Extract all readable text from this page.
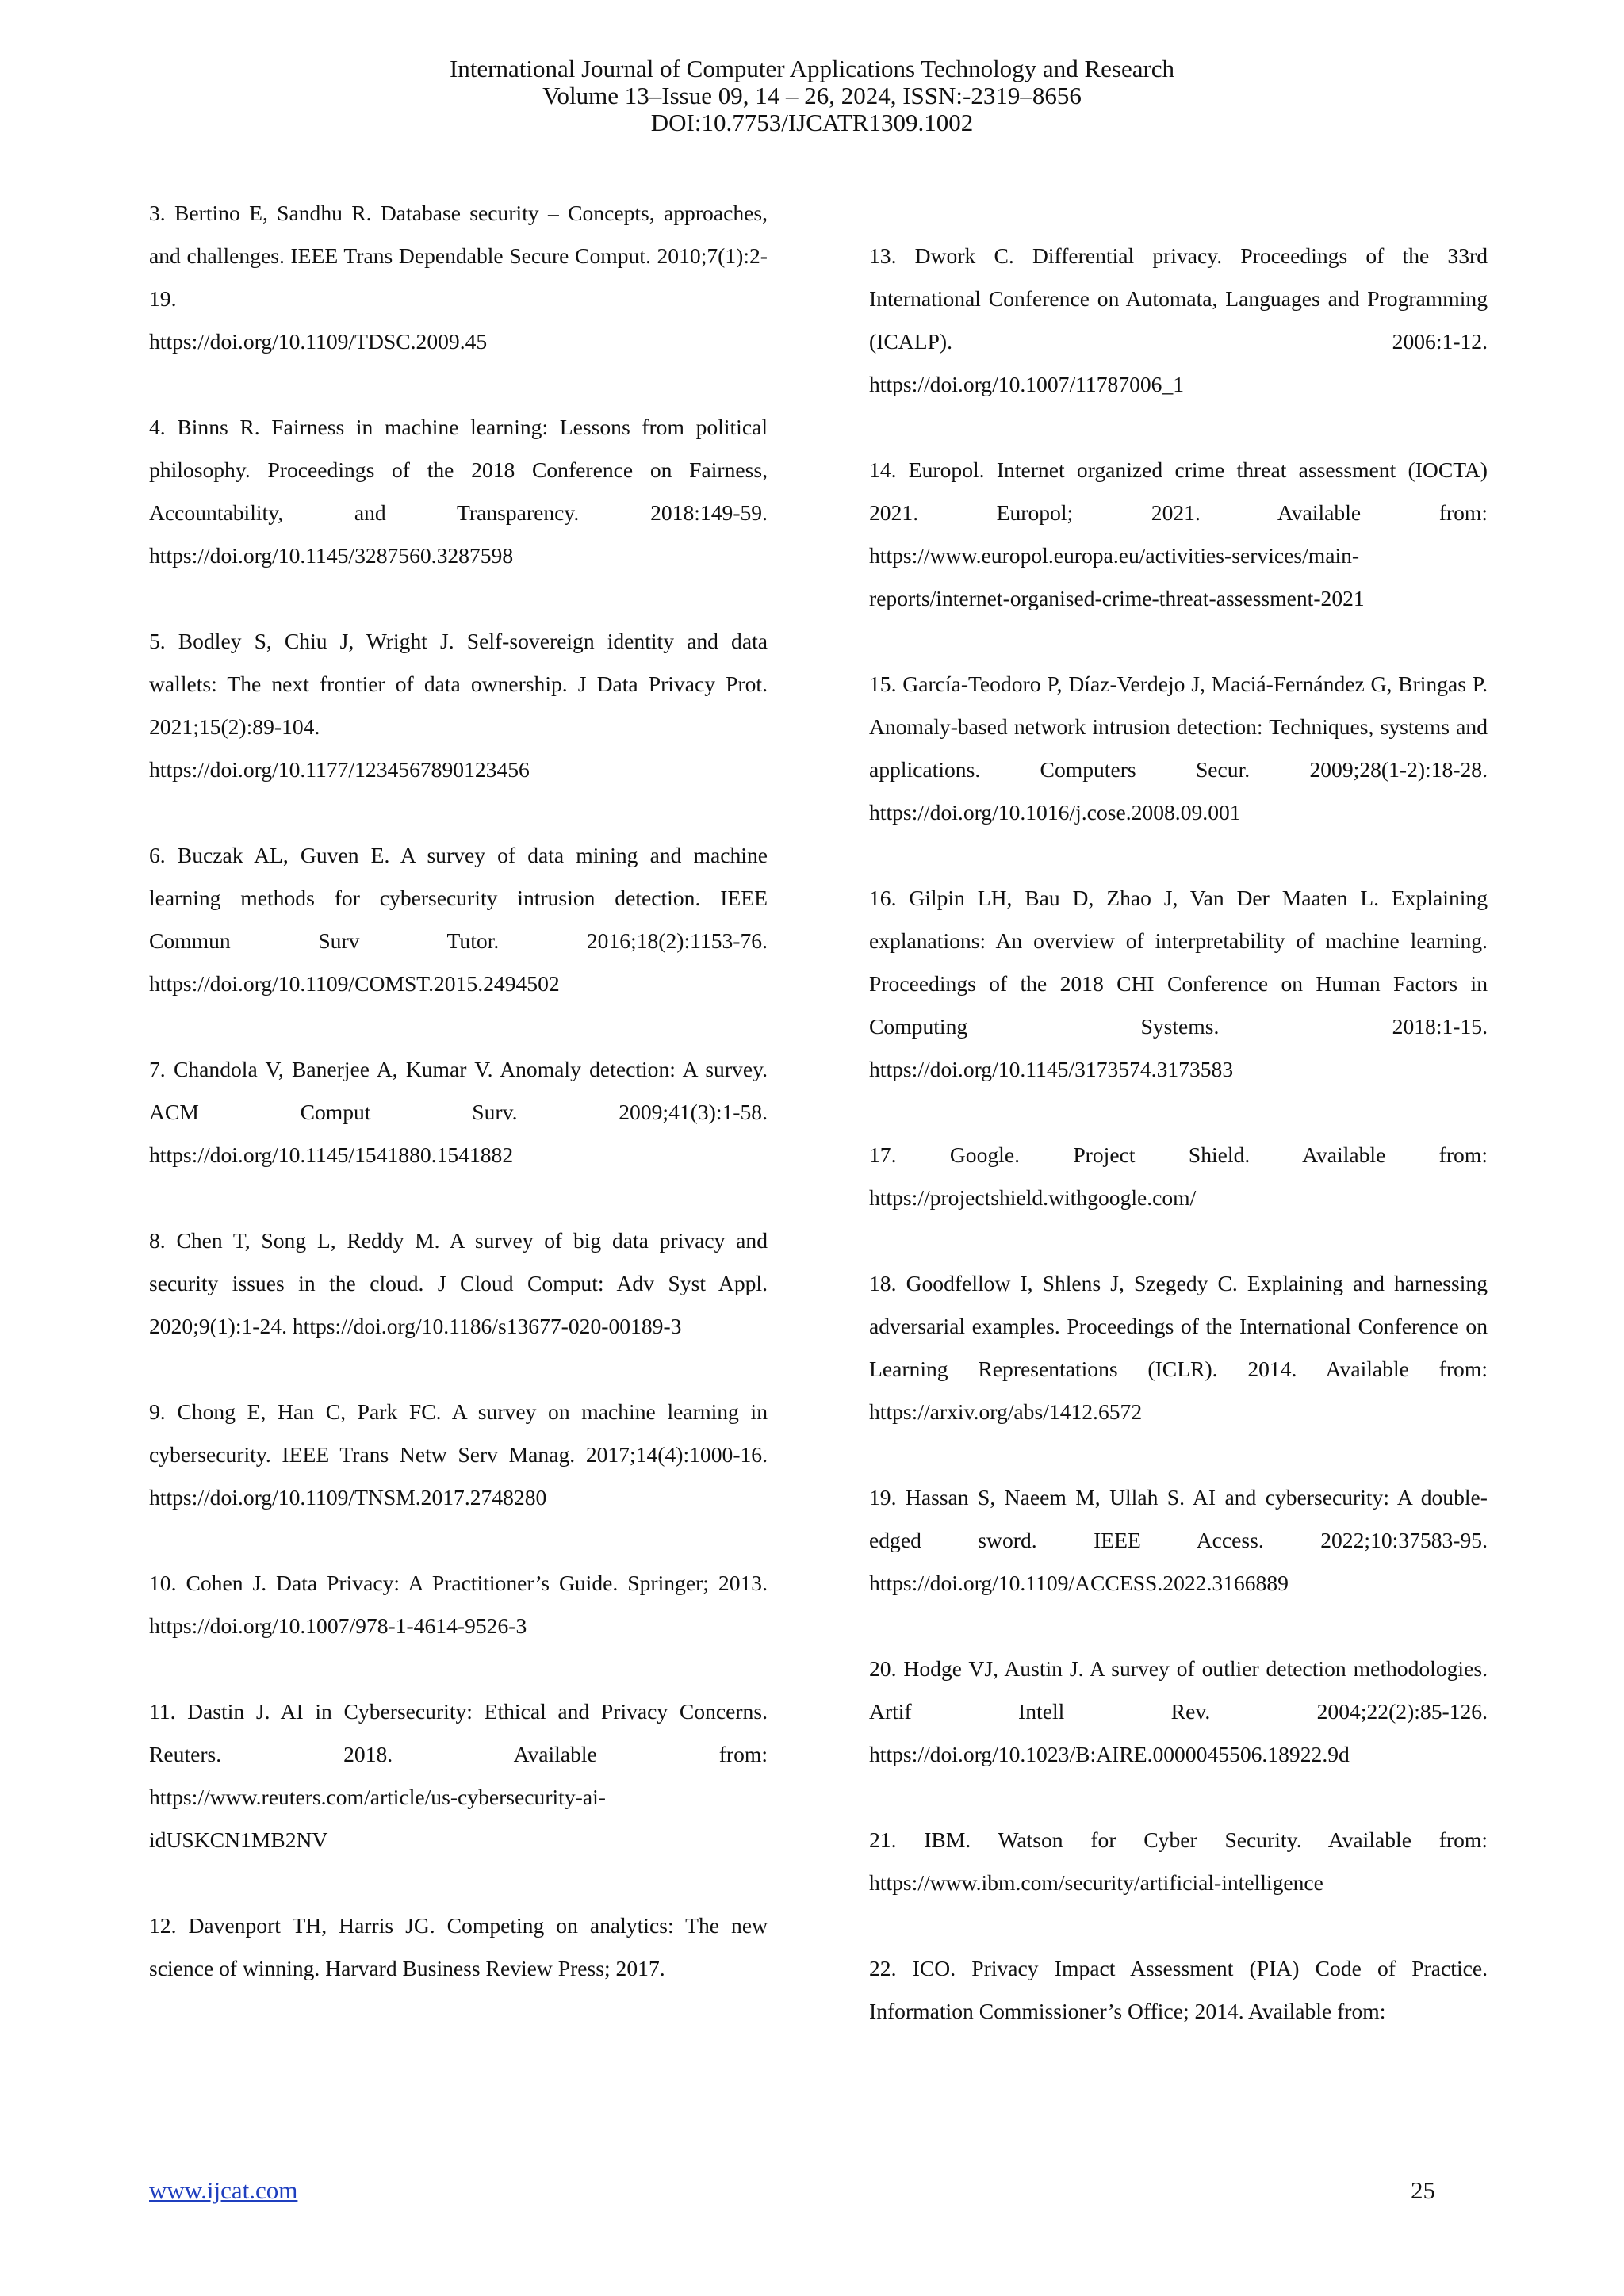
International Journal of Computer Applications Technology and Research
Volume 13–Issue 09, 14 – 26, 2024, ISSN:-2319–8656
DOI:10.7753/IJCATR1309.1002
3. Bertino E, Sandhu R. Database security – Concepts, approaches, and challenges. IEEE Trans Dependable Secure Comput. 2010;7(1):2-19.
https://doi.org/10.1109/TDSC.2009.45
4. Binns R. Fairness in machine learning: Lessons from political philosophy. Proceedings of the 2018 Conference on Fairness, Accountability, and Transparency. 2018:149-59.
https://doi.org/10.1145/3287560.3287598
5. Bodley S, Chiu J, Wright J. Self-sovereign identity and data wallets: The next frontier of data ownership. J Data Privacy Prot. 2021;15(2):89-104.
https://doi.org/10.1177/1234567890123456
6. Buczak AL, Guven E. A survey of data mining and machine learning methods for cybersecurity intrusion detection. IEEE Commun Surv Tutor. 2016;18(2):1153-76.
https://doi.org/10.1109/COMST.2015.2494502
7. Chandola V, Banerjee A, Kumar V. Anomaly detection: A survey. ACM Comput Surv. 2009;41(3):1-58.
https://doi.org/10.1145/1541880.1541882
8. Chen T, Song L, Reddy M. A survey of big data privacy and security issues in the cloud. J Cloud Comput: Adv Syst Appl. 2020;9(1):1-24. https://doi.org/10.1186/s13677-020-00189-3
9. Chong E, Han C, Park FC. A survey on machine learning in cybersecurity. IEEE Trans Netw Serv Manag. 2017;14(4):1000-16.
https://doi.org/10.1109/TNSM.2017.2748280
10. Cohen J. Data Privacy: A Practitioner’s Guide. Springer; 2013. https://doi.org/10.1007/978-1-4614-9526-3
11. Dastin J. AI in Cybersecurity: Ethical and Privacy Concerns. Reuters. 2018. Available from:
https://www.reuters.com/article/us-cybersecurity-ai-
idUSKCN1MB2NV
12. Davenport TH, Harris JG. Competing on analytics: The new science of winning. Harvard Business Review Press; 2017.
13. Dwork C. Differential privacy. Proceedings of the 33rd International Conference on Automata, Languages and Programming (ICALP). 2006:1-12.
https://doi.org/10.1007/11787006_1
14. Europol. Internet organized crime threat assessment (IOCTA) 2021. Europol; 2021. Available from:
https://www.europol.europa.eu/activities-services/main-
reports/internet-organised-crime-threat-assessment-2021
15. García-Teodoro P, Díaz-Verdejo J, Maciá-Fernández G, Bringas P. Anomaly-based network intrusion detection: Techniques, systems and applications. Computers Secur. 2009;28(1-2):18-28.
https://doi.org/10.1016/j.cose.2008.09.001
16. Gilpin LH, Bau D, Zhao J, Van Der Maaten L. Explaining explanations: An overview of interpretability of machine learning. Proceedings of the 2018 CHI Conference on Human Factors in Computing Systems. 2018:1-15.
https://doi.org/10.1145/3173574.3173583
17. Google. Project Shield. Available from:
https://projectshield.withgoogle.com/
18. Goodfellow I, Shlens J, Szegedy C. Explaining and harnessing adversarial examples. Proceedings of the International Conference on Learning Representations (ICLR). 2014. Available from:
https://arxiv.org/abs/1412.6572
19. Hassan S, Naeem M, Ullah S. AI and cybersecurity: A double-edged sword. IEEE Access. 2022;10:37583-95.
https://doi.org/10.1109/ACCESS.2022.3166889
20. Hodge VJ, Austin J. A survey of outlier detection methodologies. Artif Intell Rev. 2004;22(2):85-126.
https://doi.org/10.1023/B:AIRE.0000045506.18922.9d
21. IBM. Watson for Cyber Security. Available from:
https://www.ibm.com/security/artificial-intelligence
22. ICO. Privacy Impact Assessment (PIA) Code of Practice. Information Commissioner’s Office; 2014. Available from:
www.ijcat.com	25
